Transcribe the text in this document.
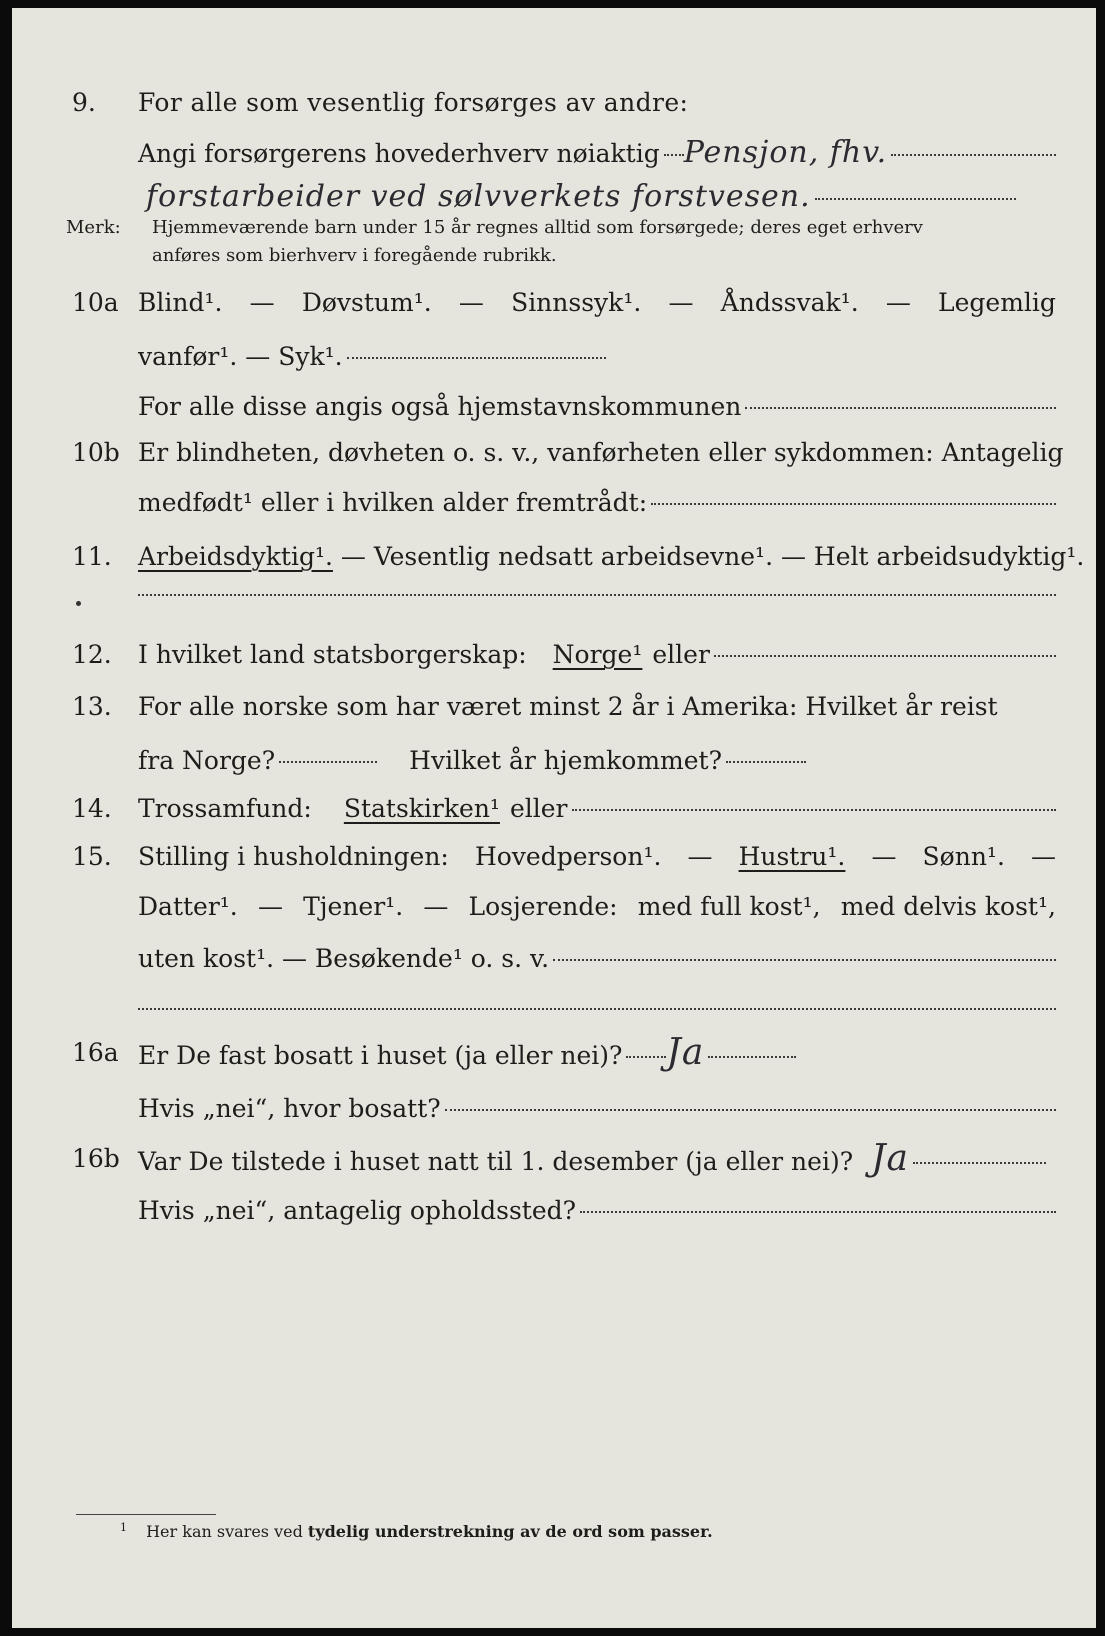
9. For alle som vesentlig forsørges av andre:
Angi forsørgerens hovederhverv nøiaktig Pensjon, fhv.
forstarbeider ved sølvverkets forstvesen.
Merk: Hjemmeværende barn under 15 år regnes alltid som forsørgede; deres eget erhverv
anføres som bierhverv i foregående rubrikk.
10a Blind¹. — Døvstum¹. — Sinnssyk¹. — Åndssvak¹. — Legemlig
vanfør¹. — Syk¹.
For alle disse angis også hjemstavnskommunen
10b Er blindheten, døvheten o. s. v., vanførheten eller sykdommen: Antagelig
medfødt¹ eller i hvilken alder fremtrådt:
11. Arbeidsdyktig¹. — Vesentlig nedsatt arbeidsevne¹. — Helt arbeidsudyktig¹.
12. I hvilket land statsborgerskap: Norge¹ eller
13. For alle norske som har været minst 2 år i Amerika: Hvilket år reist
fra Norge?	Hvilket år hjemkommet?
14. Trossamfund: Statskirken¹ eller
15. Stilling i husholdningen: Hovedperson¹. — Hustru¹. — Sønn¹. —
Datter¹. — Tjener¹. — Losjerende: med full kost¹, med delvis kost¹,
uten kost¹. — Besøkende¹ o. s. v.
16a Er De fast bosatt i huset (ja eller nei)? Ja
Hvis „nei“, hvor bosatt?
16b Var De tilstede i huset natt til 1. desember (ja eller nei)? Ja
Hvis „nei“, antagelig opholdssted?
$^1$ Her kan svares ved tydelig understrekning av de ord som passer.
